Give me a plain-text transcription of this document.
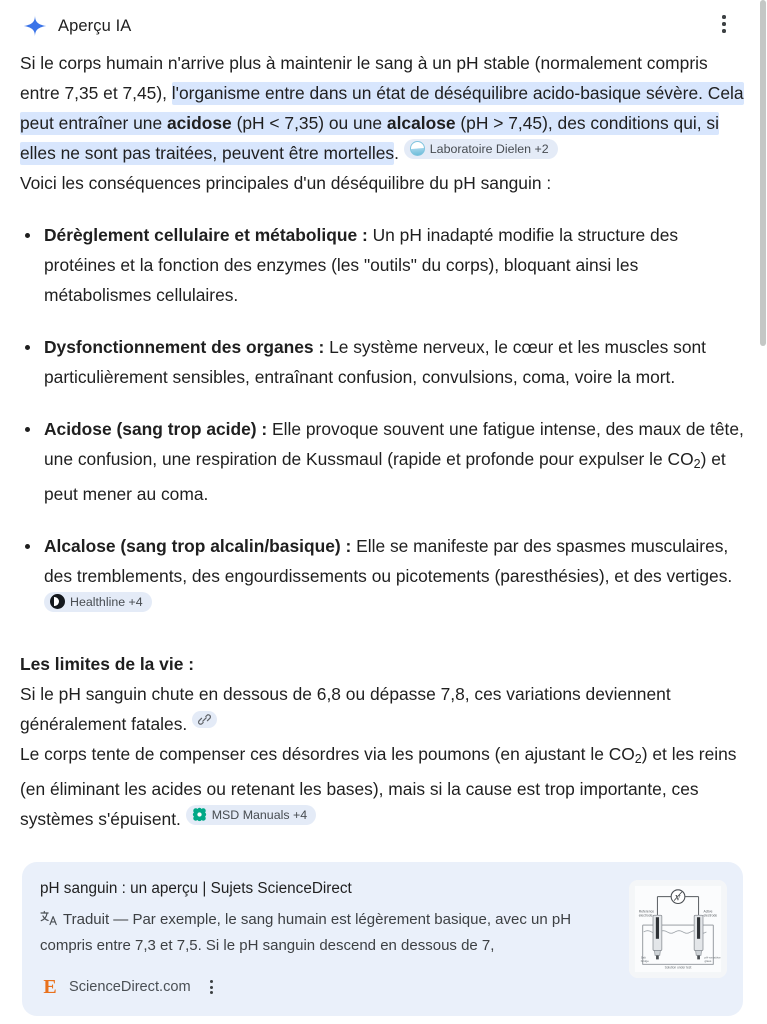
Aperçu IA

Si le corps humain n'arrive plus à maintenir le sang à un pH stable (normalement compris entre 7,35 et 7,45), l'organisme entre dans un état de déséquilibre acido-basique sévère. Cela peut entraîner une acidose (pH < 7,35) ou une alcalose (pH > 7,45), des conditions qui, si elles ne sont pas traitées, peuvent être mortelles. Laboratoire Dielen +2

Voici les conséquences principales d'un déséquilibre du pH sanguin :

Dérèglement cellulaire et métabolique : Un pH inadapté modifie la structure des protéines et la fonction des enzymes (les "outils" du corps), bloquant ainsi les métabolismes cellulaires.
Dysfonctionnement des organes : Le système nerveux, le cœur et les muscles sont particulièrement sensibles, entraînant confusion, convulsions, coma, voire la mort.
Acidose (sang trop acide) : Elle provoque souvent une fatigue intense, des maux de tête, une confusion, une respiration de Kussmaul (rapide et profonde pour expulser le $CO_2$) et peut mener au coma.
Alcalose (sang trop alcalin/basique) : Elle se manifeste par des spasmes musculaires, des tremblements, des engourdissements ou picotements (paresthésies), et des vertiges.
Healthline +4

Les limites de la vie :

Si le pH sanguin chute en dessous de 6,8 ou dépasse 7,8, ces variations deviennent généralement fatales.

Le corps tente de compenser ces désordres via les poumons (en ajustant le $CO_2$) et les reins (en éliminant les acides ou retenant les bases), mais si la cause est trop importante, ces systèmes s'épuisent. MSD Manuals +4

pH sanguin : un aperçu | Sujets ScienceDirect
Traduit — Par exemple, le sang humain est légèrement basique, avec un pH compris entre 7,3 et 7,5. Si le pH sanguin descend en dessous de 7,
E ScienceDirect.com
V
Reference
electrode
Active
electrode
Salt
bridge
pH-sensitive
glass
Solution under test
KCl	KCl
